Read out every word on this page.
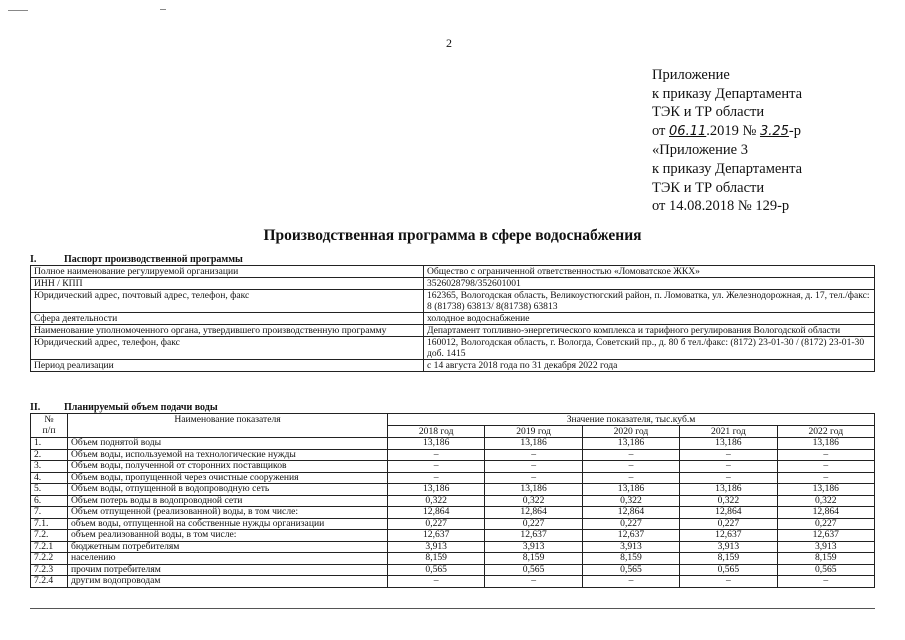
2
Приложение
к приказу Департамента
ТЭК и ТР области
от 06.11.2019 № 3.25-р
«Приложение 3
к приказу Департамента
ТЭК и ТР области
от 14.08.2018 № 129-р
Производственная программа в сфере водоснабжения
I.	Паспорт производственной программы
Полное наименование регулируемой организации	Общество с ограниченной ответственностью «Ломоватское ЖКХ»
ИНН / КПП	3526028798/352601001
Юридический адрес, почтовый адрес, телефон, факс	162365, Вологодская область, Великоустюгский район, п. Ломоватка, ул. Железнодорожная, д. 17, тел./факс: 8 (81738) 63813/ 8(81738) 63813
Сфера деятельности	холодное водоснабжение
Наименование уполномоченного органа, утвердившего производственную программу	Департамент топливно-энергетического комплекса и тарифного регулирования Вологодской области
Юридический адрес, телефон, факс	160012, Вологодская область, г. Вологда, Советский пр., д. 80 б тел./факс: (8172) 23-01-30 / (8172) 23-01-30 доб. 1415
Период реализации	с 14 августа 2018 года по 31 декабря 2022 года
II. Планируемый объем подачи воды
№
п/п	Наименование показателя	Значение показателя, тыс.куб.м				
		2018 год	2019 год	2020 год	2021 год	2022 год
1.	Объем поднятой воды	13,186	13,186	13,186	13,186	13,186
2.	Объем воды, используемой на технологические нужды	–	–	–	–	–
3.	Объем воды, полученной от сторонних поставщиков	–	–	–	–	–
4.	Объем воды, пропущенной через очистные сооружения	–	–	–	–	–
5.	Объем воды, отпущенной в водопроводную сеть	13,186	13,186	13,186	13,186	13,186
6.	Объем потерь воды в водопроводной сети	0,322	0,322	0,322	0,322	0,322
7.	Объем отпущенной (реализованной) воды, в том числе:	12,864	12,864	12,864	12,864	12,864
7.1.	объем воды, отпущенной на собственные нужды организации	0,227	0,227	0,227	0,227	0,227
7.2.	объем реализованной воды, в том числе:	12,637	12,637	12,637	12,637	12,637
7.2.1	бюджетным потребителям	3,913	3,913	3,913	3,913	3,913
7.2.2	населению	8,159	8,159	8,159	8,159	8,159
7.2.3	прочим потребителям	0,565	0,565	0,565	0,565	0,565
7.2.4	другим водопроводам	–	–	–	–	–
